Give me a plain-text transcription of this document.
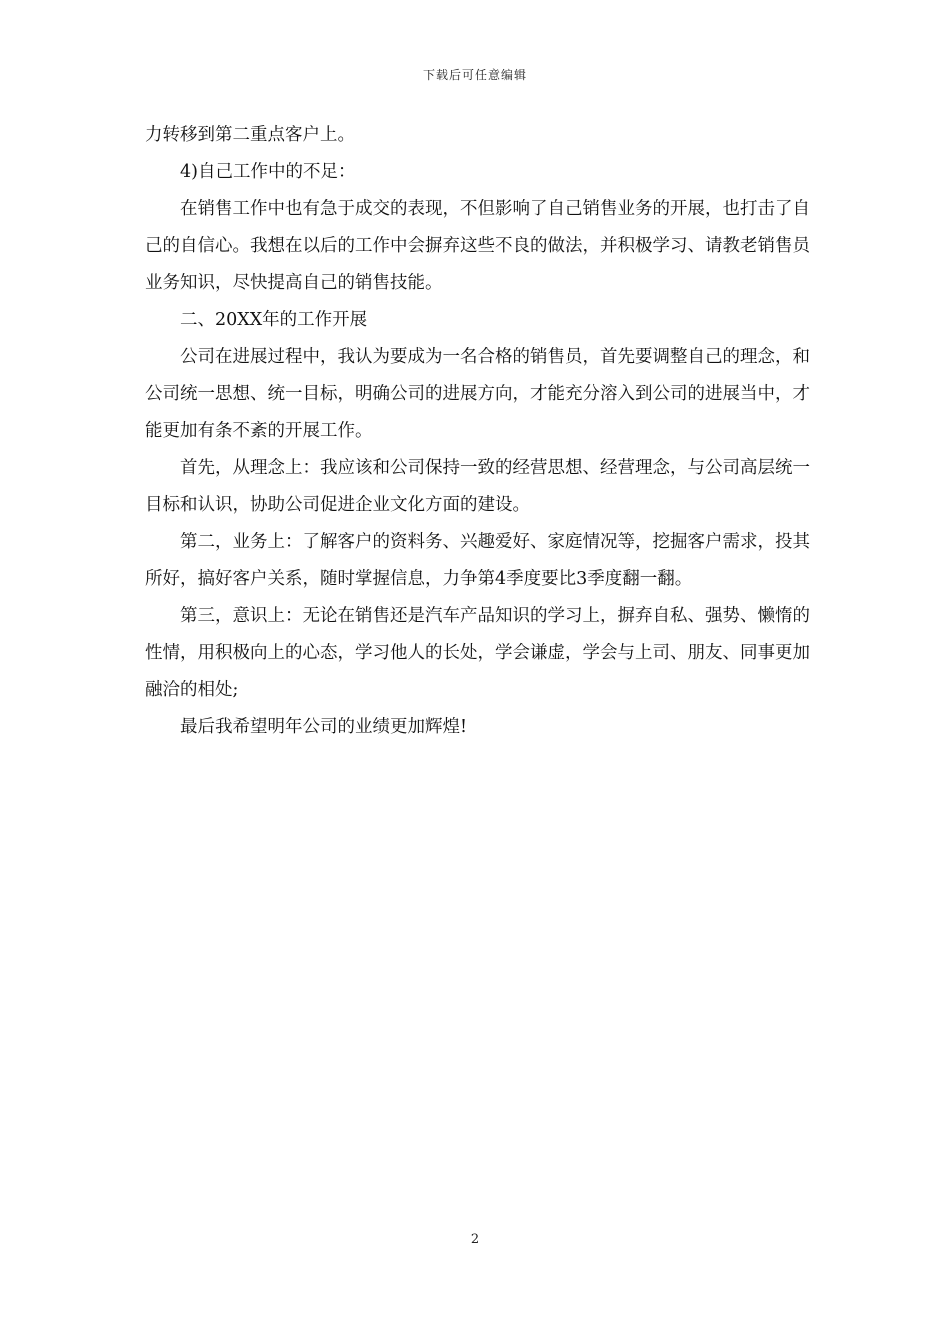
下载后可任意编辑

力转移到第二重点客户上。

4)自己工作中的不足：

在销售工作中也有急于成交的表现，不但影响了自己销售业务的开展，也打击了自己的自信心。我想在以后的工作中会摒弃这些不良的做法，并积极学习、请教老销售员业务知识，尽快提高自己的销售技能。

二、20XX年的工作开展

公司在进展过程中，我认为要成为一名合格的销售员，首先要调整自己的理念，和公司统一思想、统一目标，明确公司的进展方向，才能充分溶入到公司的进展当中，才能更加有条不紊的开展工作。

首先，从理念上：我应该和公司保持一致的经营思想、经营理念，与公司高层统一目标和认识，协助公司促进企业文化方面的建设。

第二，业务上：了解客户的资料务、兴趣爱好、家庭情况等，挖掘客户需求，投其所好，搞好客户关系，随时掌握信息，力争第4季度要比3季度翻一翻。

第三，意识上：无论在销售还是汽车产品知识的学习上，摒弃自私、强势、懒惰的性情，用积极向上的心态，学习他人的长处，学会谦虚，学会与上司、朋友、同事更加融洽的相处;

最后我希望明年公司的业绩更加辉煌!

2
